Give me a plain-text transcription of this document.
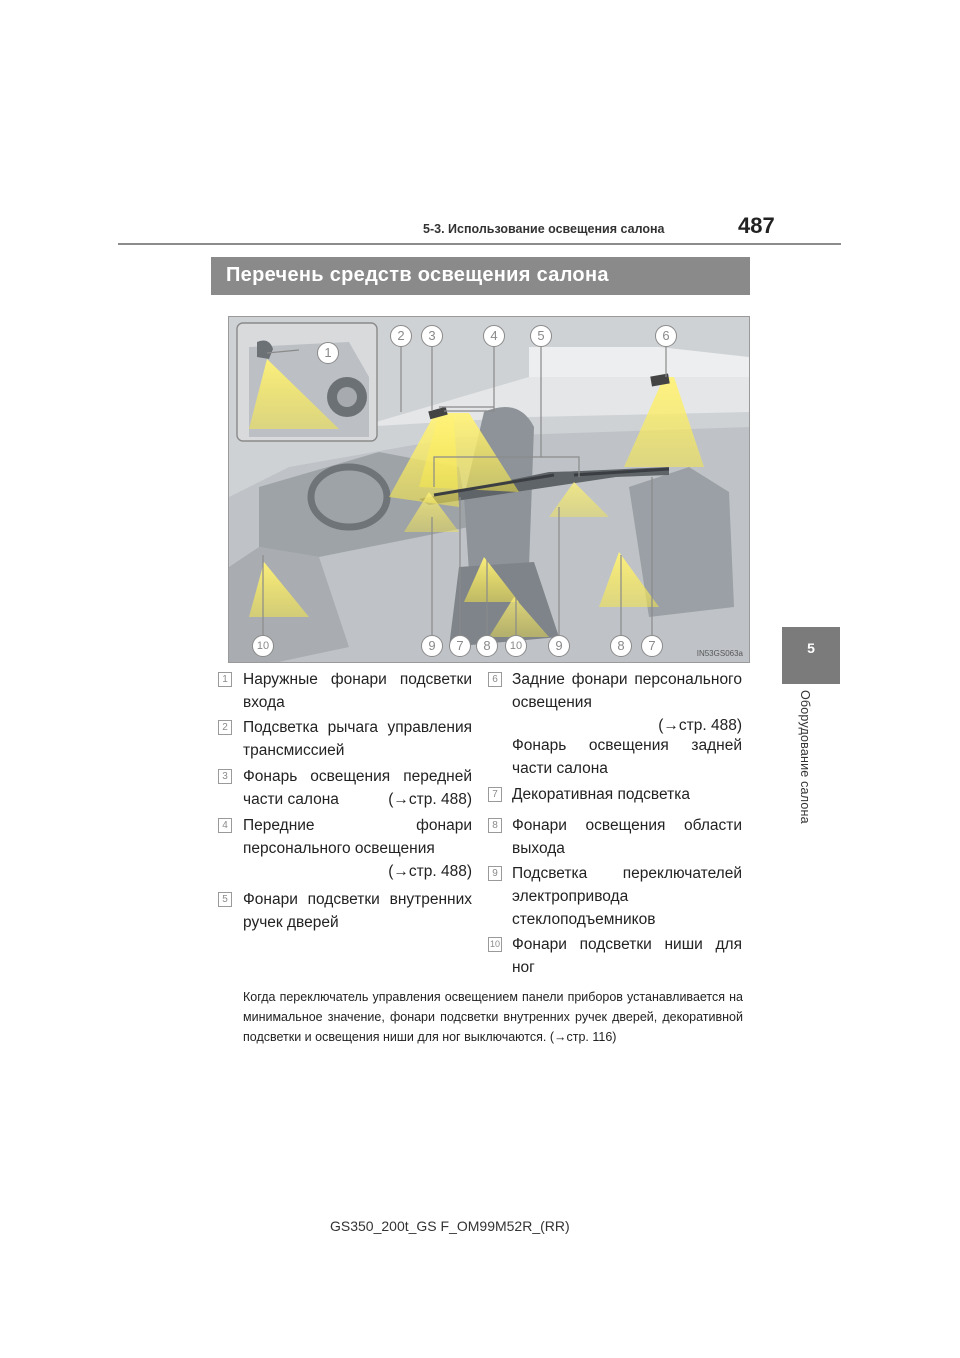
5-3. Использование освещения салона	487
5
Оборудование салона
Перечень средств освещения салона
1
2	3	4	5	6
10	9	7	8	10	9	8	7
IN53GS063a
1 Наружные фонари подсветки входа
2 Подсветка рычага управления трансмиссией
3 Фонарь освещения передней части салона	(→стр. 488)
4 Передние фонари персонального освещения
(→стр. 488)
5 Фонари подсветки внутренних ручек дверей
6 Задние фонари персонального освещения
(→стр. 488)
Фонарь освещения задней части салона
7 Декоративная подсветка
8 Фонари освещения области выхода
9 Подсветка переключателей электропривода стеклоподъемников
10 Фонари подсветки ниши для ног
Когда переключатель управления освещением панели приборов устанавливается на минимальное значение, фонари подсветки внутренних ручек дверей, декоративной подсветки и освещения ниши для ног выключаются. (→стр. 116)
GS350_200t_GS F_OM99M52R_(RR)
